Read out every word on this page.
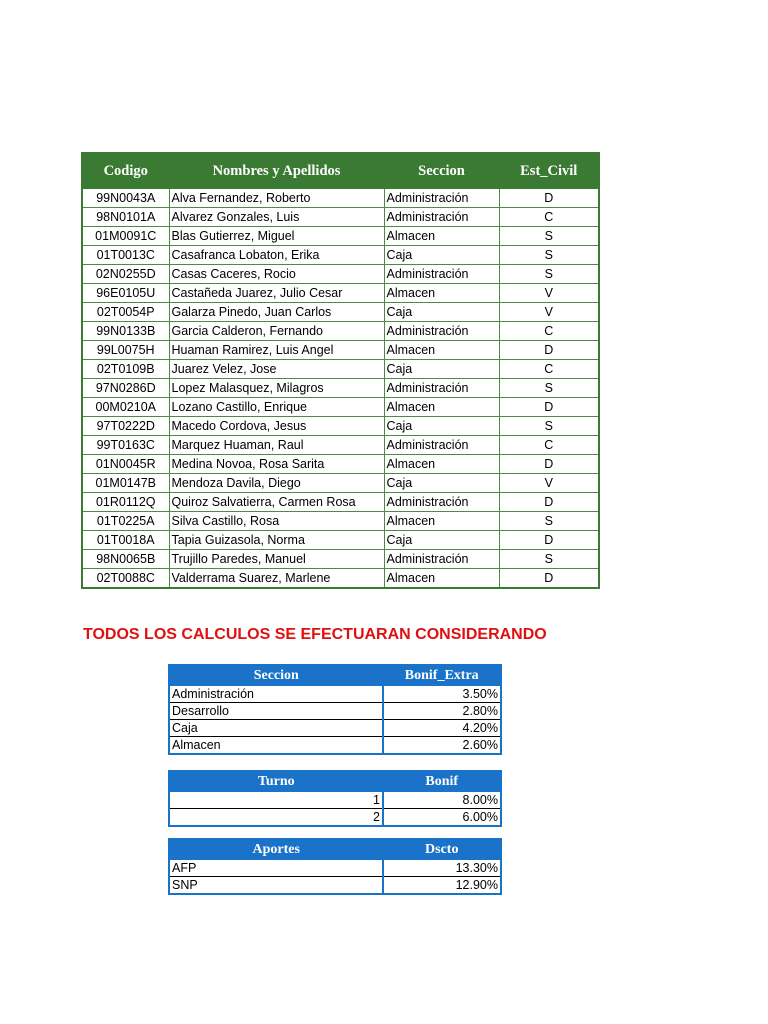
Codigo	Nombres y Apellidos	Seccion	Est_Civil
99N0043A	Alva Fernandez, Roberto	Administración	D
98N0101A	Alvarez Gonzales, Luis	Administración	C
01M0091C	Blas Gutierrez, Miguel	Almacen	S
01T0013C	Casafranca Lobaton, Erika	Caja	S
02N0255D	Casas Caceres, Rocio	Administración	S
96E0105U	Castañeda Juarez, Julio Cesar	Almacen	V
02T0054P	Galarza Pinedo, Juan Carlos	Caja	V
99N0133B	Garcia Calderon, Fernando	Administración	C
99L0075H	Huaman Ramirez, Luis Angel	Almacen	D
02T0109B	Juarez Velez, Jose	Caja	C
97N0286D	Lopez Malasquez, Milagros	Administración	S
00M0210A	Lozano Castillo, Enrique	Almacen	D
97T0222D	Macedo Cordova, Jesus	Caja	S
99T0163C	Marquez Huaman, Raul	Administración	C
01N0045R	Medina Novoa, Rosa Sarita	Almacen	D
01M0147B	Mendoza Davila, Diego	Caja	V
01R0112Q	Quiroz Salvatierra, Carmen Rosa	Administración	D
01T0225A	Silva Castillo, Rosa	Almacen	S
01T0018A	Tapia Guizasola, Norma	Caja	D
98N0065B	Trujillo Paredes, Manuel	Administración	S
02T0088C	Valderrama Suarez, Marlene	Almacen	D
TODOS LOS CALCULOS SE EFECTUARAN CONSIDERANDO
Seccion	Bonif_Extra
Administración	3.50%
Desarrollo	2.80%
Caja	4.20%
Almacen	2.60%
Turno	Bonif
1	8.00%
2	6.00%
Aportes	Dscto
AFP	13.30%
SNP	12.90%
